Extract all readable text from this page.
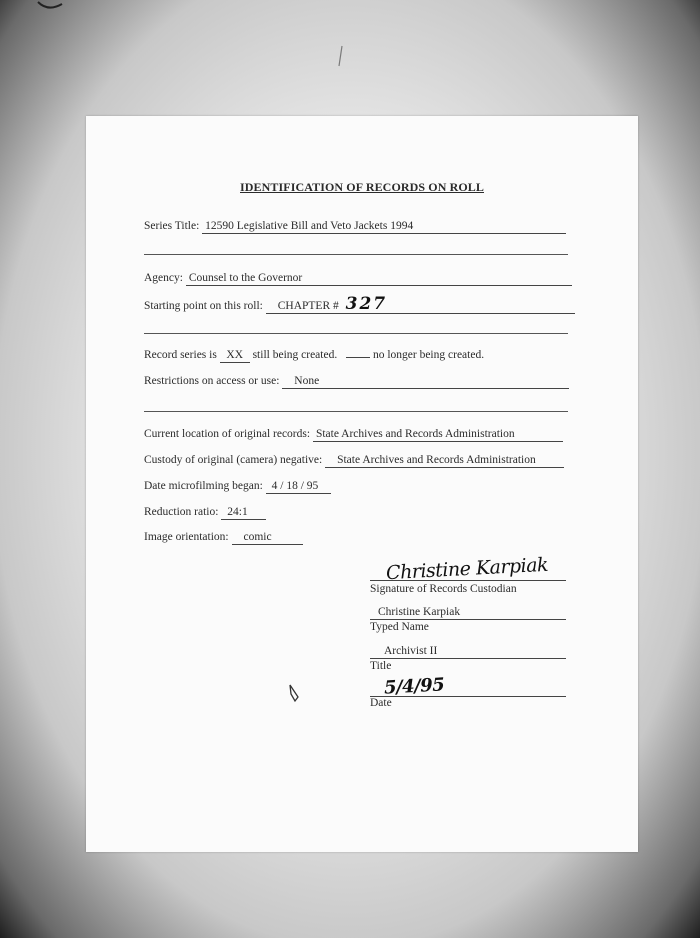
IDENTIFICATION OF RECORDS ON ROLL
Series Title: 12590 Legislative Bill and Veto Jackets 1994
Agency: Counsel to the Governor
Starting point on this roll: CHAPTER # 327
Record series is XX still being created.	no longer being created.
Restrictions on access or use: None
Current location of original records: State Archives and Records Administration
Custody of original (camera) negative: State Archives and Records Administration
Date microfilming began: 4 / 18 / 95
Reduction ratio: 24:1
Image orientation: comic
Christine Karpiak
Signature of Records Custodian
Christine Karpiak
Typed Name
Archivist II
Title
5/4/95
Date
